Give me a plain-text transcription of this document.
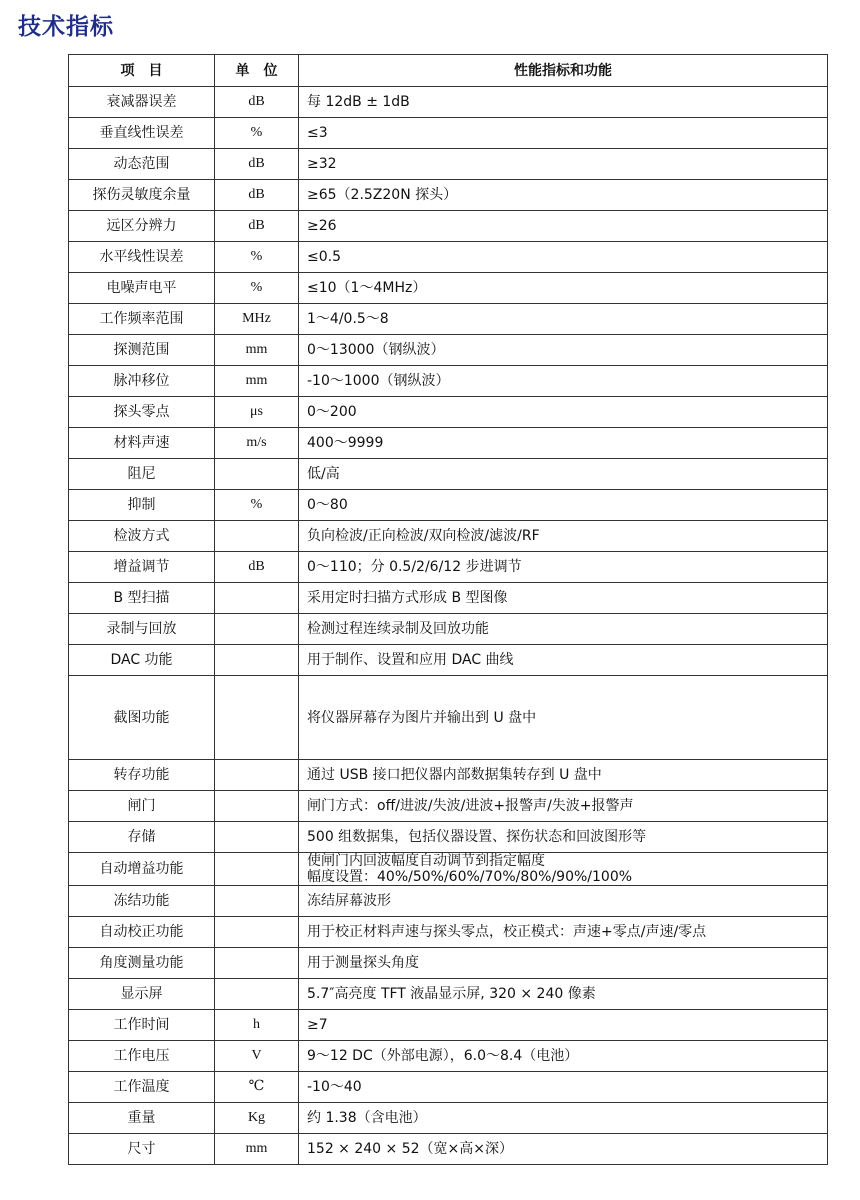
技术指标
项　目	单　位	性能指标和功能
衰减器误差	dB	每 12dB ± 1dB

垂直线性误差	%	≤3

动态范围	dB	≥32

探伤灵敏度余量	dB	≥65（2.5Z20N 探头）

远区分辨力	dB	≥26

水平线性误差	%	≤0.5

电噪声电平	%	≤10（1～4MHz）

工作频率范围	MHz	1～4/0.5～8

探测范围	mm	0～13000（钢纵波）

脉冲移位	mm	-10～1000（钢纵波）

探头零点	μs	0～200

材料声速	m/s	400～9999

阻尼		低/高

抑制	%	0～80

检波方式		负向检波/正向检波/双向检波/滤波/RF

增益调节	dB	0～110；分 0.5/2/6/12 步进调节

B 型扫描		采用定时扫描方式形成 B 型图像

录制与回放		检测过程连续录制及回放功能

DAC 功能		用于制作、设置和应用 DAC 曲线

截图功能		将仪器屏幕存为图片并输出到 U 盘中

转存功能		通过 USB 接口把仪器内部数据集转存到 U 盘中

闸门		闸门方式：off/进波/失波/进波+报警声/失波+报警声

存储		500 组数据集，包括仪器设置、探伤状态和回波图形等

自动增益功能		使闸门内回波幅度自动调节到指定幅度
幅度设置：40%/50%/60%/70%/80%/90%/100%

冻结功能		冻结屏幕波形

自动校正功能		用于校正材料声速与探头零点，校正模式：声速+零点/声速/零点

角度测量功能		用于测量探头角度

显示屏		5.7″高亮度 TFT 液晶显示屏, 320 × 240 像素

工作时间	h	≥7

工作电压	V	9～12 DC（外部电源），6.0～8.4（电池）

工作温度	℃	-10～40

重量	Kg	约 1.38（含电池）

尺寸	mm	152 × 240 × 52（宽×高×深）
